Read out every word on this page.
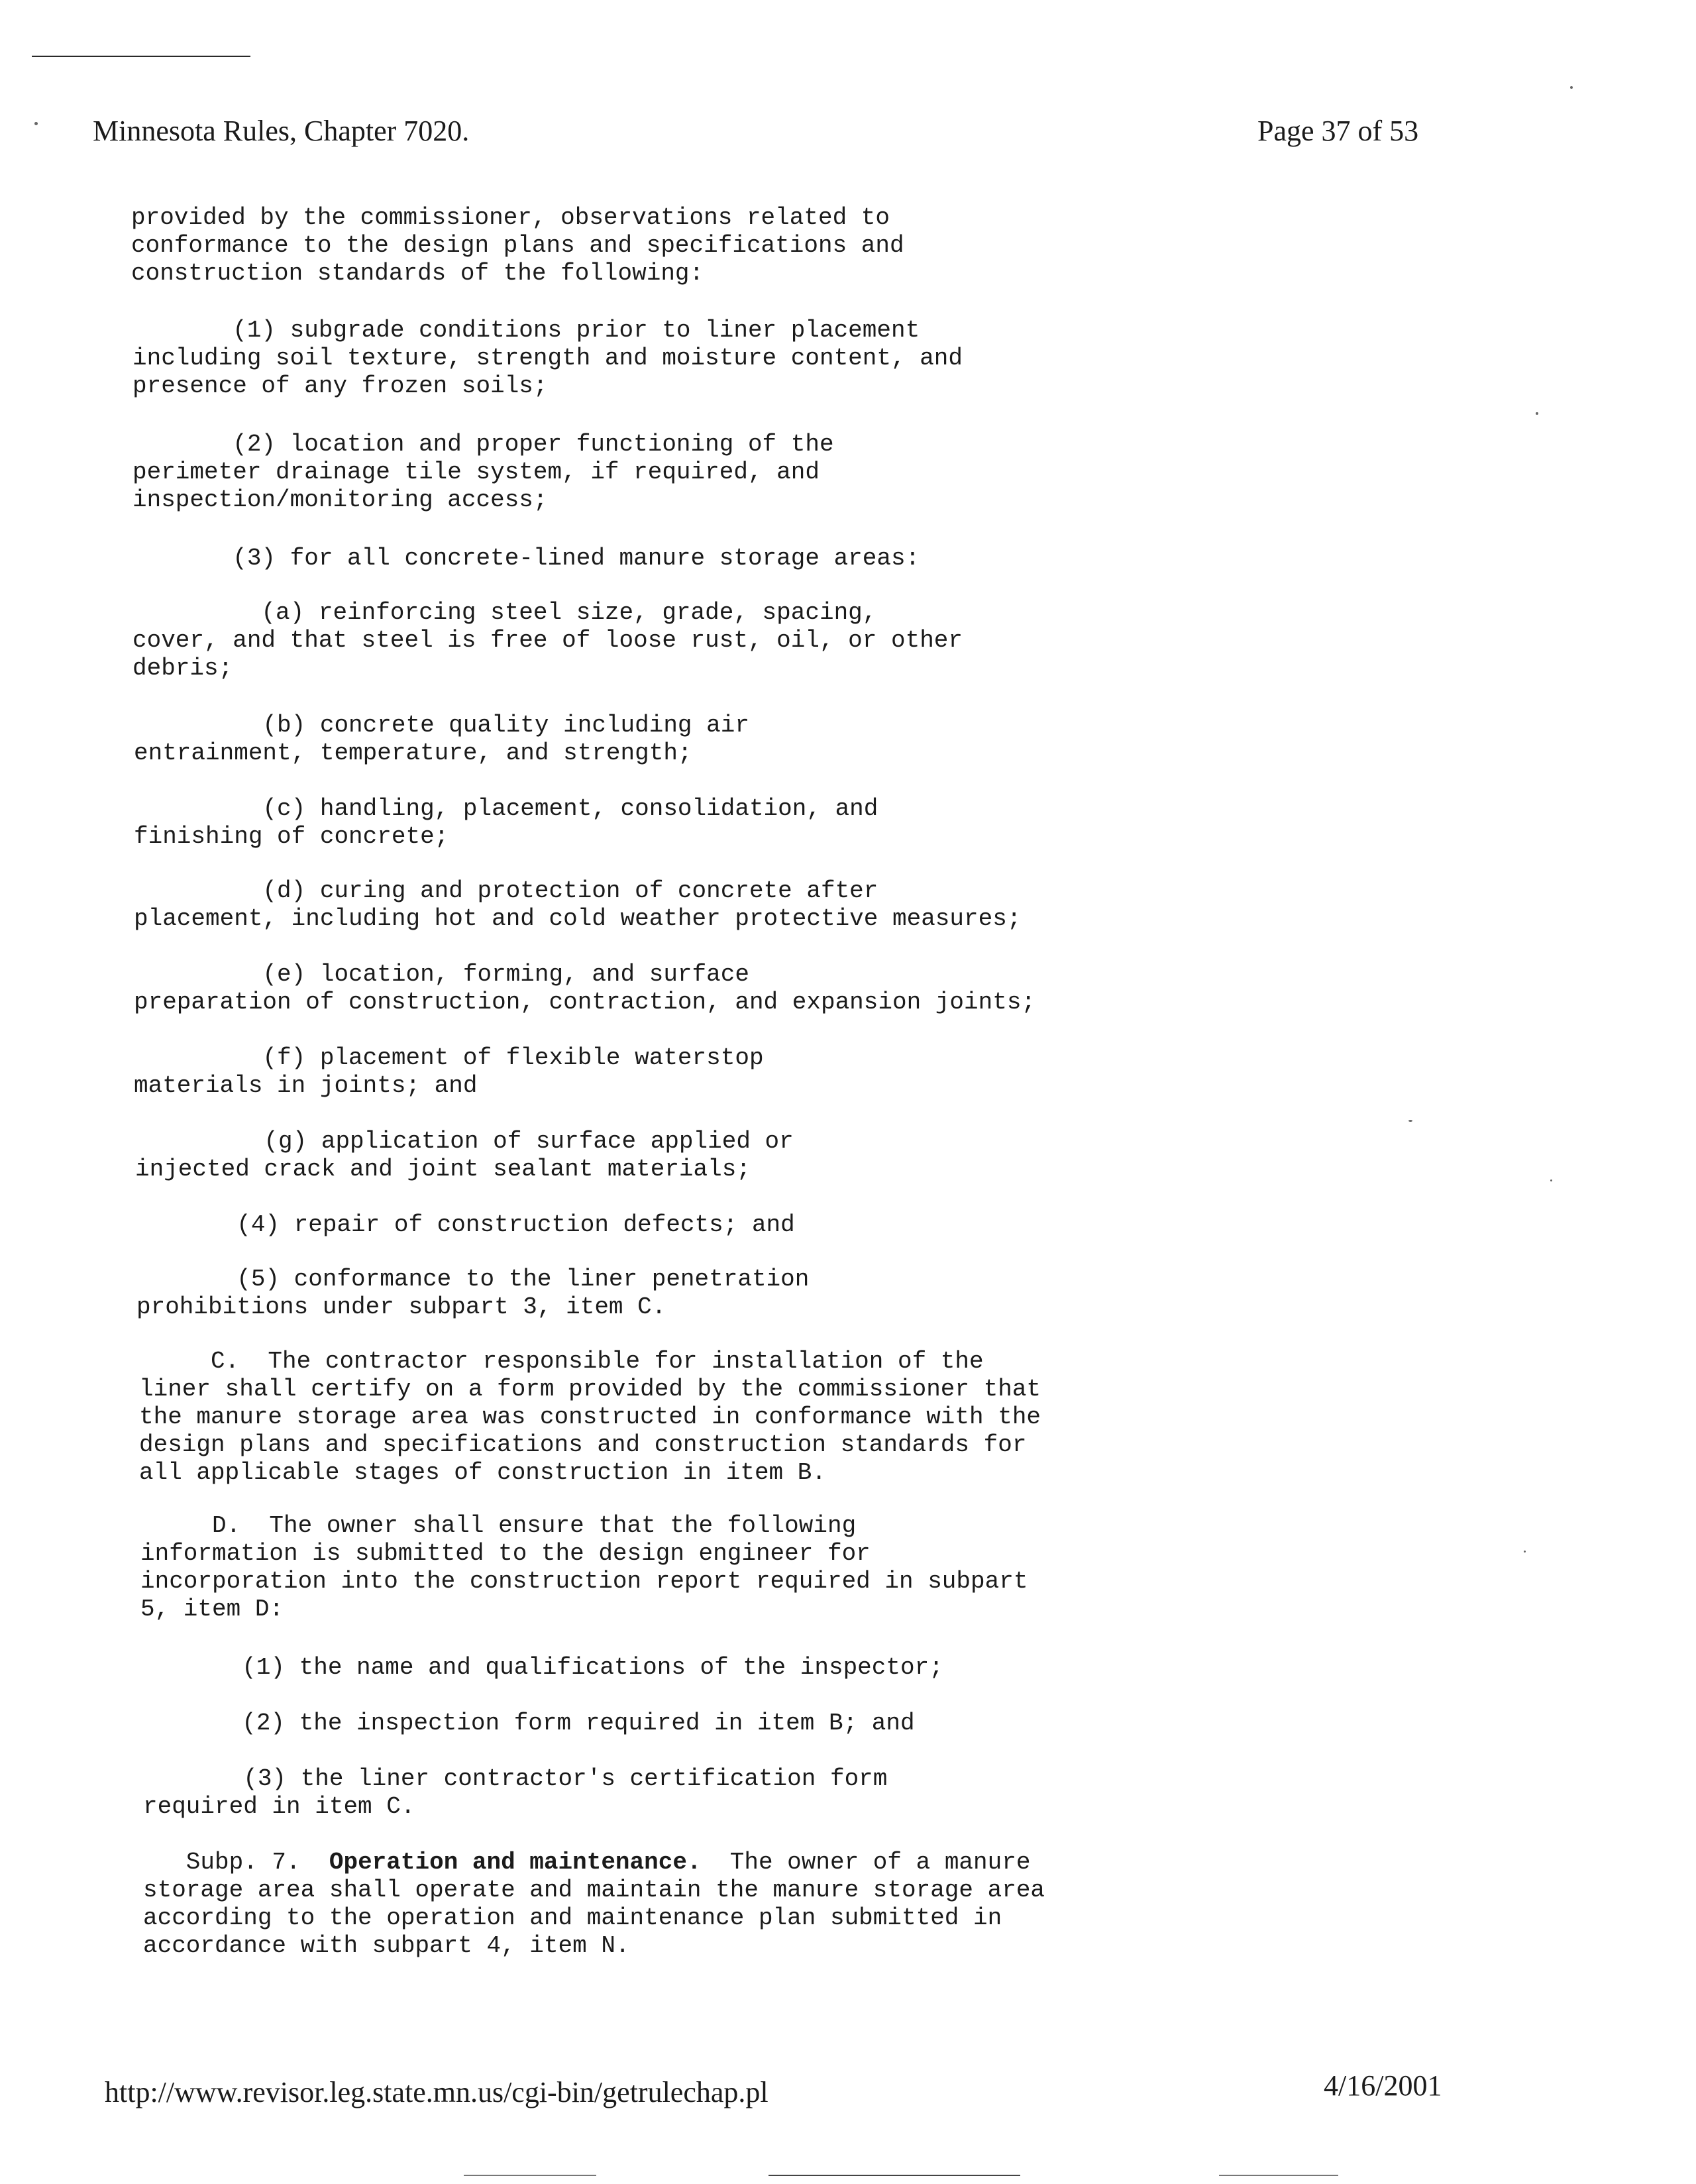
Minnesota Rules, Chapter 7020.	Page 37 of 53
provided by the commissioner, observations related to
conformance to the design plans and specifications and
construction standards of the following:
(1) subgrade conditions prior to liner placement
including soil texture, strength and moisture content, and
presence of any frozen soils;
(2) location and proper functioning of the
perimeter drainage tile system, if required, and
inspection/monitoring access;
(3) for all concrete-lined manure storage areas:
(a) reinforcing steel size, grade, spacing,
cover, and that steel is free of loose rust, oil, or other
debris;
(b) concrete quality including air
entrainment, temperature, and strength;
(c) handling, placement, consolidation, and
finishing of concrete;
(d) curing and protection of concrete after
placement, including hot and cold weather protective measures;
(e) location, forming, and surface
preparation of construction, contraction, and expansion joints;
(f) placement of flexible waterstop
materials in joints; and
(g) application of surface applied or
injected crack and joint sealant materials;
(4) repair of construction defects; and
(5) conformance to the liner penetration
prohibitions under subpart 3, item C.
C.  The contractor responsible for installation of the
liner shall certify on a form provided by the commissioner that
the manure storage area was constructed in conformance with the
design plans and specifications and construction standards for
all applicable stages of construction in item B.
D.  The owner shall ensure that the following
information is submitted to the design engineer for
incorporation into the construction report required in subpart
5, item D:
(1) the name and qualifications of the inspector;
(2) the inspection form required in item B; and
(3) the liner contractor's certification form
required in item C.
Subp. 7.  Operation and maintenance.  The owner of a manure
storage area shall operate and maintain the manure storage area
according to the operation and maintenance plan submitted in
accordance with subpart 4, item N.
http://www.revisor.leg.state.mn.us/cgi-bin/getrulechap.pl	4/16/2001
